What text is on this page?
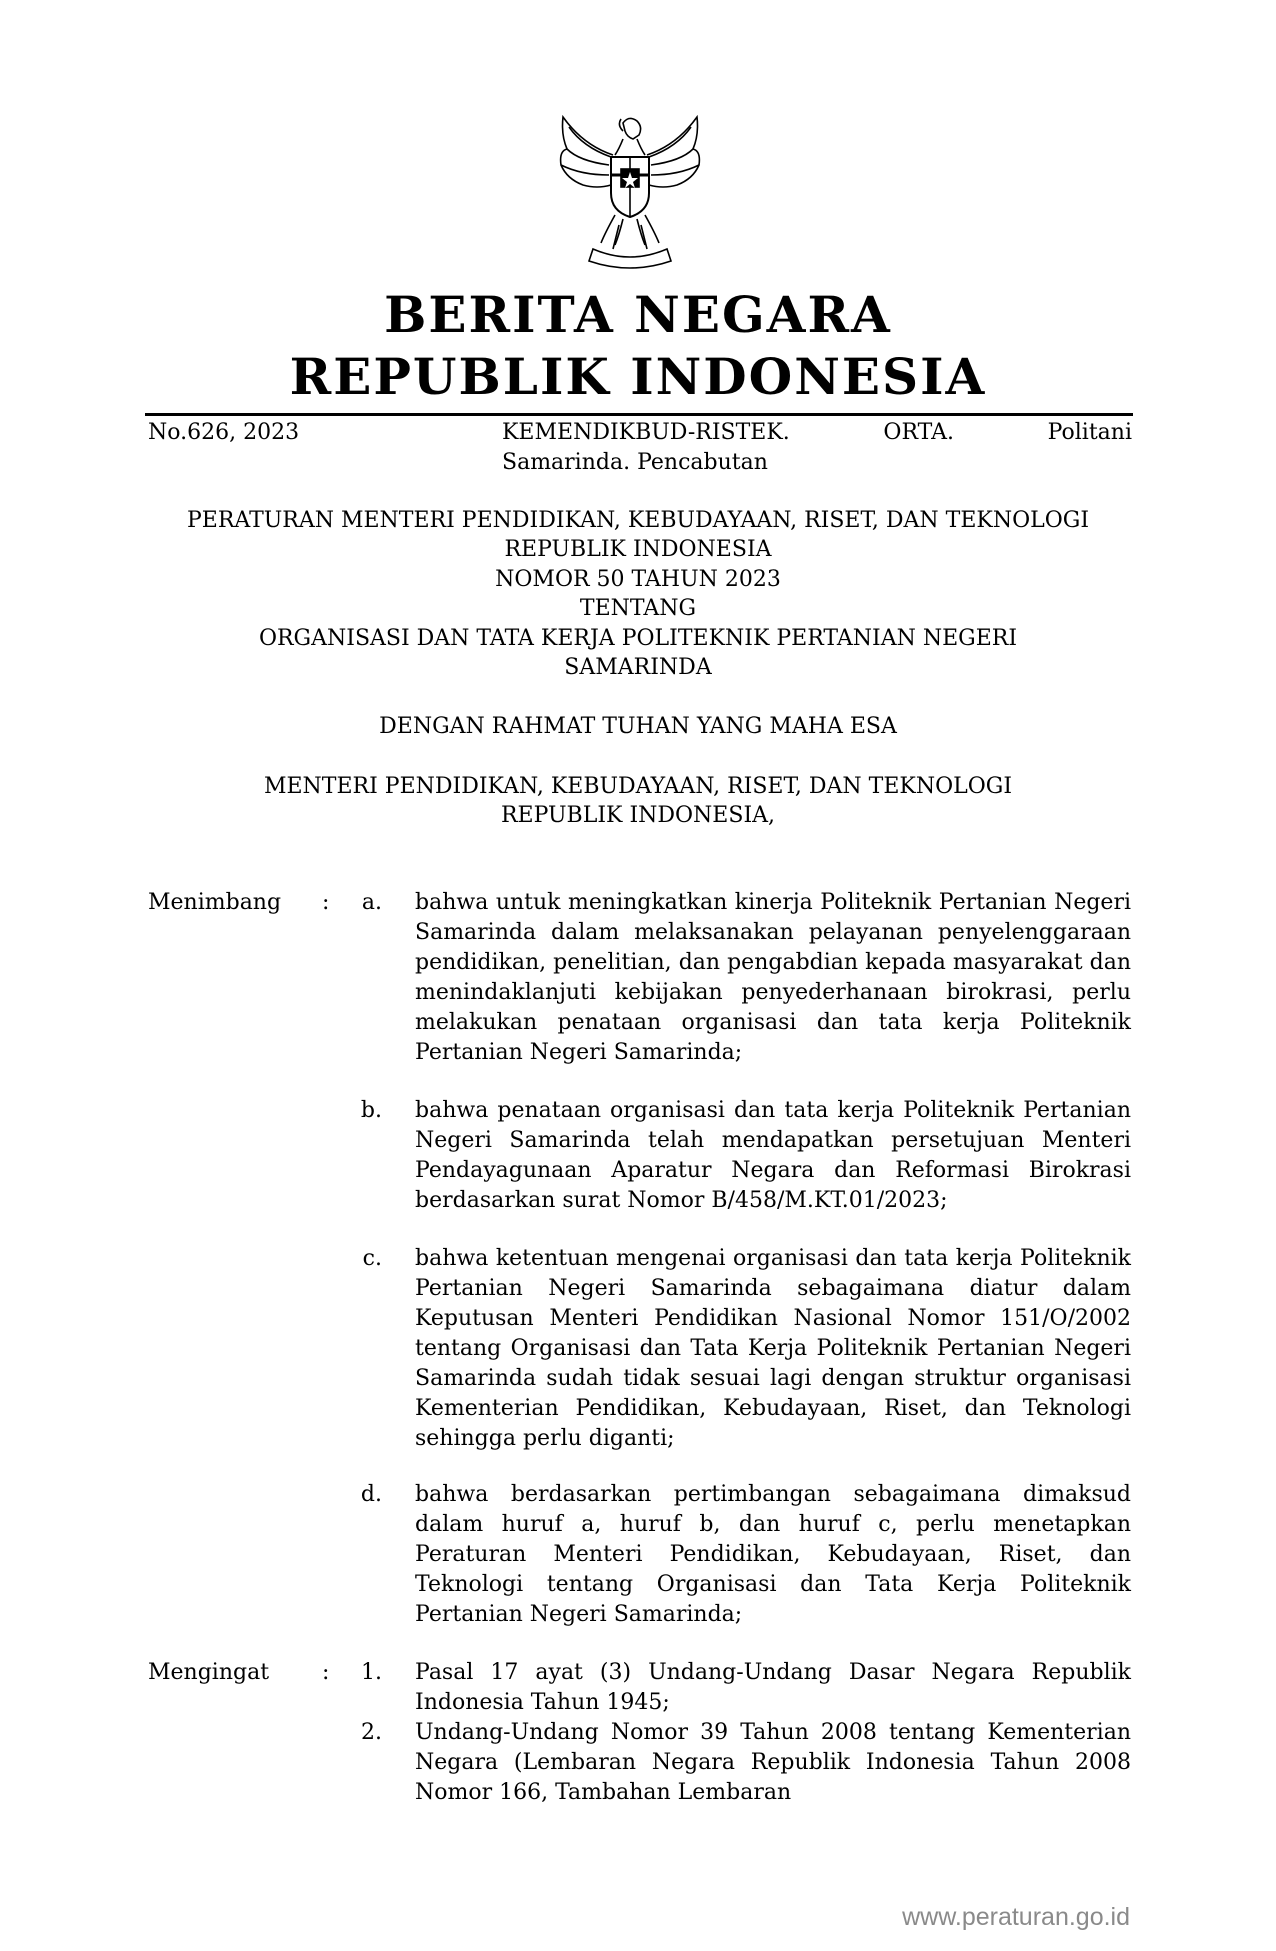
BERITA NEGARA
REPUBLIK INDONESIA
No.626, 2023	KEMENDIKBUD-RISTEK.  ORTA.  Politani
Samarinda. Pencabutan
PERATURAN MENTERI PENDIDIKAN, KEBUDAYAAN, RISET, DAN TEKNOLOGI
REPUBLIK INDONESIA
NOMOR 50 TAHUN 2023
TENTANG
ORGANISASI DAN TATA KERJA POLITEKNIK PERTANIAN NEGERI
SAMARINDA
DENGAN RAHMAT TUHAN YANG MAHA ESA
MENTERI PENDIDIKAN, KEBUDAYAAN, RISET, DAN TEKNOLOGI
REPUBLIK INDONESIA,
Menimbang :	a. bahwa untuk meningkatkan kinerja Politeknik Pertanian Negeri Samarinda dalam melaksanakan pelayanan penyelenggaraan pendidikan, penelitian, dan pengabdian kepada masyarakat dan menindaklanjuti kebijakan penyederhanaan birokrasi, perlu melakukan penataan organisasi dan tata kerja Politeknik Pertanian Negeri Samarinda;
b. bahwa penataan organisasi dan tata kerja Politeknik Pertanian Negeri Samarinda telah mendapatkan persetujuan Menteri Pendayagunaan Aparatur Negara dan Reformasi Birokrasi berdasarkan surat Nomor B/458/M.KT.01/2023;
c. bahwa ketentuan mengenai organisasi dan tata kerja Politeknik Pertanian Negeri Samarinda sebagaimana diatur dalam Keputusan Menteri Pendidikan Nasional Nomor 151/O/2002 tentang Organisasi dan Tata Kerja Politeknik Pertanian Negeri Samarinda sudah tidak sesuai lagi dengan struktur organisasi Kementerian Pendidikan, Kebudayaan, Riset, dan Teknologi sehingga perlu diganti;
d. bahwa berdasarkan pertimbangan sebagaimana dimaksud dalam huruf a, huruf b, dan huruf c, perlu menetapkan Peraturan Menteri Pendidikan, Kebudayaan, Riset, dan Teknologi tentang Organisasi dan Tata Kerja Politeknik Pertanian Negeri Samarinda;
Mengingat :	1. Pasal 17 ayat (3) Undang-Undang Dasar Negara Republik Indonesia Tahun 1945;
2. Undang-Undang Nomor 39 Tahun 2008 tentang Kementerian Negara (Lembaran Negara Republik Indonesia Tahun 2008 Nomor 166, Tambahan Lembaran
www.peraturan.go.id
